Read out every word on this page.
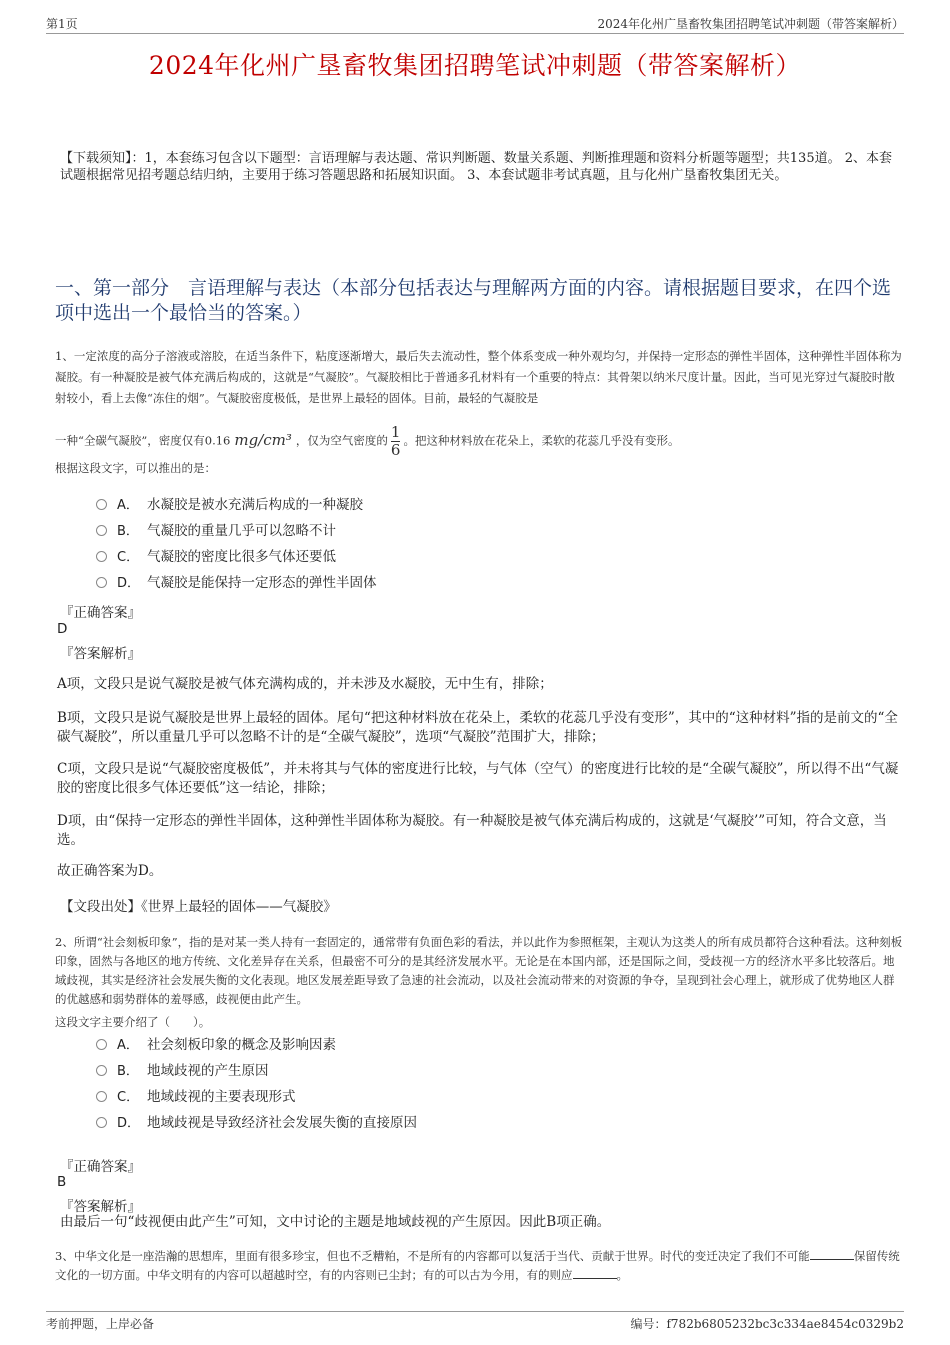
第1页	2024年化州广垦畜牧集团招聘笔试冲刺题（带答案解析）
2024年化州广垦畜牧集团招聘笔试冲刺题（带答案解析）
【下载须知】：1，本套练习包含以下题型：言语理解与表达题、常识判断题、数量关系题、判断推理题和资料分析题等题型；共135道。 2、本套试题根据常见招考题总结归纳，主要用于练习答题思路和拓展知识面。 3、本套试题非考试真题，且与化州广垦畜牧集团无关。
一、第一部分　言语理解与表达（本部分包括表达与理解两方面的内容。请根据题目要求，在四个选项中选出一个最恰当的答案。）
1、一定浓度的高分子溶液或溶胶，在适当条件下，粘度逐渐增大，最后失去流动性，整个体系变成一种外观均匀，并保持一定形态的弹性半固体，这种弹性半固体称为凝胶。有一种凝胶是被气体充满后构成的，这就是“气凝胶”。气凝胶相比于普通多孔材料有一个重要的特点：其骨架以纳米尺度计量。因此，当可见光穿过气凝胶时散射较小，看上去像“冻住的烟”。气凝胶密度极低，是世界上最轻的固体。目前，最轻的气凝胶是
一种“全碳气凝胶”，密度仅有0.16 mg/cm³ ，仅为空气密度的 $\frac{1}{6}$ 。把这种材料放在花朵上，柔软的花蕊几乎没有变形。
根据这段文字，可以推出的是：
A． 水凝胶是被水充满后构成的一种凝胶
B． 气凝胶的重量几乎可以忽略不计
C． 气凝胶的密度比很多气体还要低
D． 气凝胶是能保持一定形态的弹性半固体
『正确答案』
D
『答案解析』
A项，文段只是说气凝胶是被气体充满构成的，并未涉及水凝胶，无中生有，排除；
B项，文段只是说气凝胶是世界上最轻的固体。尾句“把这种材料放在花朵上，柔软的花蕊几乎没有变形”，其中的“这种材料”指的是前文的“全碳气凝胶”，所以重量几乎可以忽略不计的是“全碳气凝胶”，选项“气凝胶”范围扩大，排除；
C项，文段只是说“气凝胶密度极低”，并未将其与气体的密度进行比较，与气体（空气）的密度进行比较的是“全碳气凝胶”，所以得不出“气凝胶的密度比很多气体还要低”这一结论，排除；
D项，由“保持一定形态的弹性半固体，这种弹性半固体称为凝胶。有一种凝胶是被气体充满后构成的，这就是‘气凝胶’”可知，符合文意，当选。
故正确答案为D。
【文段出处】《世界上最轻的固体——气凝胶》
2、所谓“社会刻板印象”，指的是对某一类人持有一套固定的，通常带有负面色彩的看法，并以此作为参照框架，主观认为这类人的所有成员都符合这种看法。这种刻板印象，固然与各地区的地方传统、文化差异存在关系，但最密不可分的是其经济发展水平。无论是在本国内部，还是国际之间，受歧视一方的经济水平多比较落后。地域歧视，其实是经济社会发展失衡的文化表现。地区发展差距导致了急速的社会流动，以及社会流动带来的对资源的争夺，呈现到社会心理上，就形成了优势地区人群的优越感和弱势群体的羞辱感，歧视便由此产生。
这段文字主要介绍了（　　）。
A． 社会刻板印象的概念及影响因素
B． 地域歧视的产生原因
C． 地域歧视的主要表现形式
D． 地域歧视是导致经济社会发展失衡的直接原因
『正确答案』
B
『答案解析』
由最后一句“歧视便由此产生”可知，文中讨论的主题是地域歧视的产生原因。因此B项正确。
3、中华文化是一座浩瀚的思想库，里面有很多珍宝，但也不乏糟粕，不是所有的内容都可以复活于当代、贡献于世界。时代的变迁决定了我们不可能	保留传统文化的一切方面。中华文明有的内容可以超越时空，有的内容则已尘封；有的可以古为今用，有的则应	。
考前押题，上岸必备	编号：f782b6805232bc3c334ae8454c0329b2
